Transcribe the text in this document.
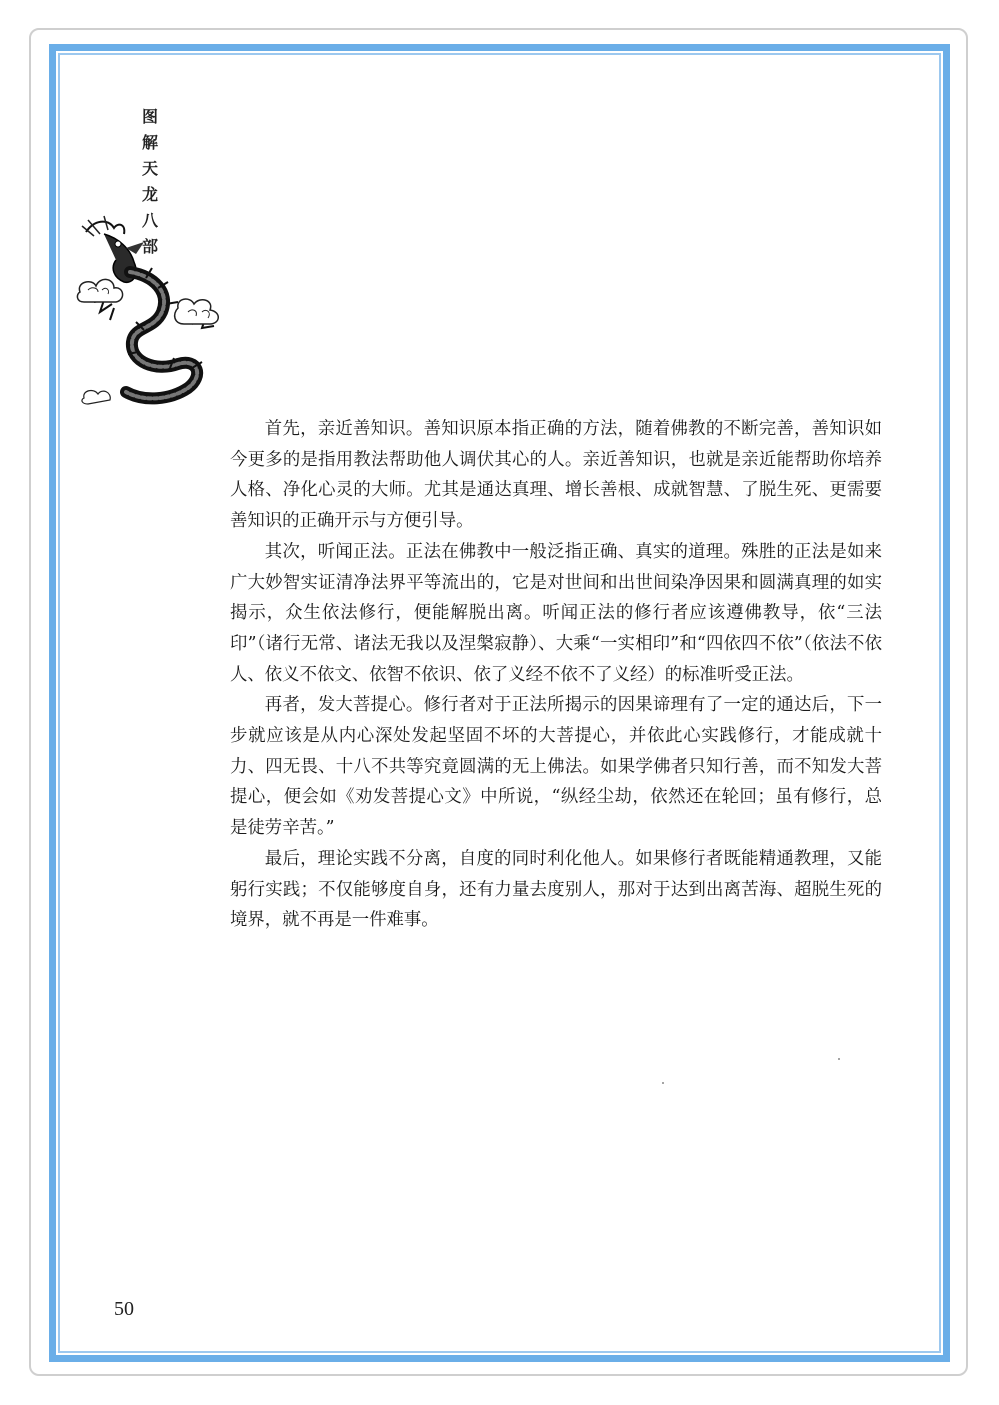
图
解
天
龙
八
部

首先，亲近善知识。善知识原本指正确的方法，随着佛教的不断完善，善知识如今更多的是指用教法帮助他人调伏其心的人。亲近善知识，也就是亲近能帮助你培养人格、净化心灵的大师。尤其是通达真理、增长善根、成就智慧、了脱生死、更需要善知识的正确开示与方便引导。

其次，听闻正法。正法在佛教中一般泛指正确、真实的道理。殊胜的正法是如来广大妙智实证清净法界平等流出的，它是对世间和出世间染净因果和圆满真理的如实揭示，众生依法修行，便能解脱出离。听闻正法的修行者应该遵佛教导，依“三法印”（诸行无常、诸法无我以及涅槃寂静）、大乘“一实相印”和“四依四不依”（依法不依人、依义不依文、依智不依识、依了义经不依不了义经）的标准听受正法。

再者，发大菩提心。修行者对于正法所揭示的因果谛理有了一定的通达后，下一步就应该是从内心深处发起坚固不坏的大菩提心，并依此心实践修行，才能成就十力、四无畏、十八不共等究竟圆满的无上佛法。如果学佛者只知行善，而不知发大菩提心，便会如《劝发菩提心文》中所说，“纵经尘劫，依然还在轮回；虽有修行，总是徒劳辛苦。”

最后，理论实践不分离，自度的同时利化他人。如果修行者既能精通教理，又能躬行实践；不仅能够度自身，还有力量去度别人，那对于达到出离苦海、超脱生死的境界，就不再是一件难事。

50
